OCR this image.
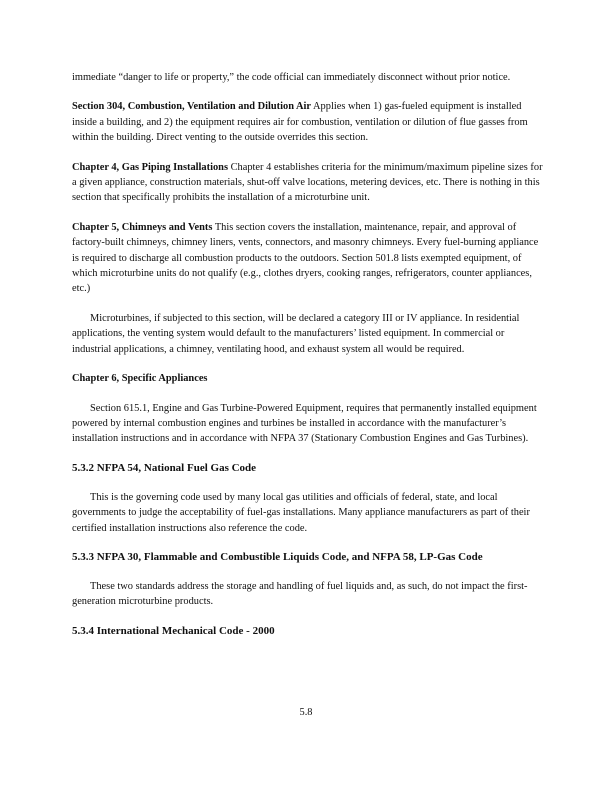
immediate “danger to life or property,” the code official can immediately disconnect without prior notice.

Section 304, Combustion, Ventilation and Dilution Air Applies when 1) gas-fueled equipment is installed inside a building, and 2) the equipment requires air for combustion, ventilation or dilution of flue gasses from within the building. Direct venting to the outside overrides this section.

Chapter 4, Gas Piping Installations Chapter 4 establishes criteria for the minimum/maximum pipeline sizes for a given appliance, construction materials, shut-off valve locations, metering devices, etc. There is nothing in this section that specifically prohibits the installation of a microturbine unit.

Chapter 5, Chimneys and Vents This section covers the installation, maintenance, repair, and approval of factory-built chimneys, chimney liners, vents, connectors, and masonry chimneys. Every fuel-burning appliance is required to discharge all combustion products to the outdoors. Section 501.8 lists exempted equipment, of which microturbine units do not qualify (e.g., clothes dryers, cooking ranges, refrigerators, counter appliances, etc.)

Microturbines, if subjected to this section, will be declared a category III or IV appliance. In residential applications, the venting system would default to the manufacturers’ listed equipment. In commercial or industrial applications, a chimney, ventilating hood, and exhaust system all would be required.

Chapter 6, Specific Appliances

Section 615.1, Engine and Gas Turbine-Powered Equipment, requires that permanently installed equipment powered by internal combustion engines and turbines be installed in accordance with the manufacturer’s installation instructions and in accordance with NFPA 37 (Stationary Combustion Engines and Gas Turbines).

5.3.2 NFPA 54, National Fuel Gas Code

This is the governing code used by many local gas utilities and officials of federal, state, and local governments to judge the acceptability of fuel-gas installations. Many appliance manufacturers as part of their certified installation instructions also reference the code.

5.3.3 NFPA 30, Flammable and Combustible Liquids Code, and NFPA 58, LP-Gas Code

These two standards address the storage and handling of fuel liquids and, as such, do not impact the first-generation microturbine products.

5.3.4 International Mechanical Code - 2000
5.8
